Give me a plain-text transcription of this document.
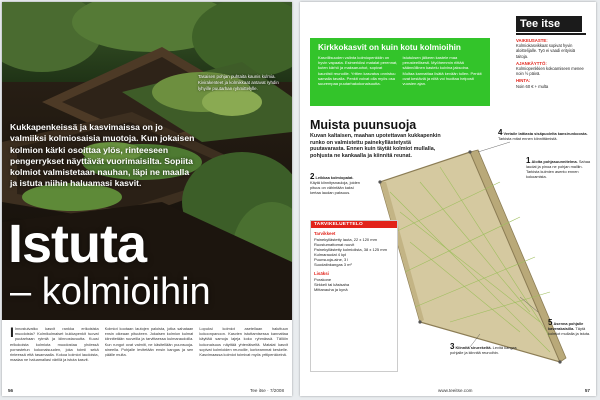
Tasaisen pohjan puhtaita kaunis kulmia. Kivirakenteet ja kolmikkaat antavat ryhdin lyhyille puutarhan ryhmittelylle.

Kukkapenkeissä ja kasvimaissa on jo valmiiksi kolmiosaisia muotoja. Kun jokaisen kolmion kärki osoittaa ylös, rinteeseen pengerrykset näyttävät vuorimaisilta. Sopiita kolmiot valmistetaan nauhan, läpi ne maalla ja istuta niihin haluamasi kasvit.

Istuta
– kolmioihin

I Innostuivatko kasvit rankka erikoisista muodoista? Kolmikulmaiset kukkapenkit tuovat puutarhaan rytmiä ja kiinnostavuutta. Kuusi erikokoista kolmiota muodostaa yhdessä porrastetun kokonaisuuden, joka toimii sekä rinteessä että tasamaalla. Kokoa kolmiot laudoista, maalaa ne haluamallasi värillä ja istuta kasvit.

Kolmiot kootaan lautojen paloista, jotka sahataan ensin oikeaan pituuteen. Jokaisen kolmion kulmat kiinnitetään ruuveilla ja tarvittaessa kulmaraudoilla. Kun rungot ovat valmiit, ne käsitellään puunsuoja-aineella. Pohjalle levitetään ensin kangas ja sen päälle multa.

Lopuksi kolmiot asetellaan haluttuun kokoonpanoon. Kasvien istuttamisessa kannattaa käyttää samoja lajeja koko ryhmässä. Tällöin kokonaisuus näyttää yhtenäiseltä. Matalat kasvit sopivat kolmioiden reunoille, korkeammat keskelle. Kasvimaassa kolmiot toimivat myös yrttipenkkeinä.

56	Tee itse · 7/2008
Kirkkokasvit on kuin kotu kolmioihin

Kasvillisuuden valinta kolmiopenkkiin on hyvin vapaata. Esimerkiksi matalat perennat, kuten kärhö ja maksaruohot, sopivat kauniisti reunoille. Yrttien kasvatus onnistuu samalla tavalla. Penkit voivat olla myös osa suurempaa puutarhakokonaisuutta.

Istutuksen jälkeen kastele maa perusteellisesti. Myöhemmin riittää säännöllinen kastelu kuivina jaksoina. Multaa kannattaa lisätä kevään tullen. Penkit ovat kestäviä ja niitä voi huoltaa helposti vuosien ajan.

Tee itse
VAIKEUSASTE:
Kolmiokasvikkaat sopivat hyvin aloittelijalle. Työ ei vaadi erityisiä taitoja.
AJANKÄYTTÖ:
Kolmiopenkkien kokoamiseen menee noin ½ päivä.
HINTA:
Noin 60 € + multa
Muista puunsuoja

Kuvan kaltaisen, maahan upotettavan kukkapenkin runko on valmistettu painekyllästetystä puutavarasta. Ennen kuin täytät kolmiot mullalla, pohjusta ne kankaalla ja kiinnitä reunat.

4Vertaile lattiasta sisäpuolelta kansirunkoosta. Tarkista mitat ennen kiinnittämistä.
1Aloita pohjasuunnitelma. Sahaa laudat ja pinoa ne pohjan malliin. Tarkista kulmien asento ennen kokoamista.
2Leikkaa kolmiopalat. Käytä kiinnitysnauloja, joiden pituus on vähintään kaksi kertaa laudan paksuus.
3Kiinnitä sirurekeltä. Levitä kangas pohjalle ja kiinnitä reunoihin.
5Asenna pohjalle kaverakaisilla. Täytä kolmiot mullalla ja istuta.

TARVIKELUETTELO

Tarvikkeet

Painekyllästetty lauta, 22 x 120 mm

Ruostumattomat ruuvit

Painekyllästetty kolmiolista, 38 x 125 mm

Kulmaraudat 4 kpl

Puunsuoja-aine, 3 l

Suodatinkangas 3 m²

Lisäksi

Porakone

Sirkkeli tai käsisaha

Mittanauha ja kynä

www.teeitse.com	57
